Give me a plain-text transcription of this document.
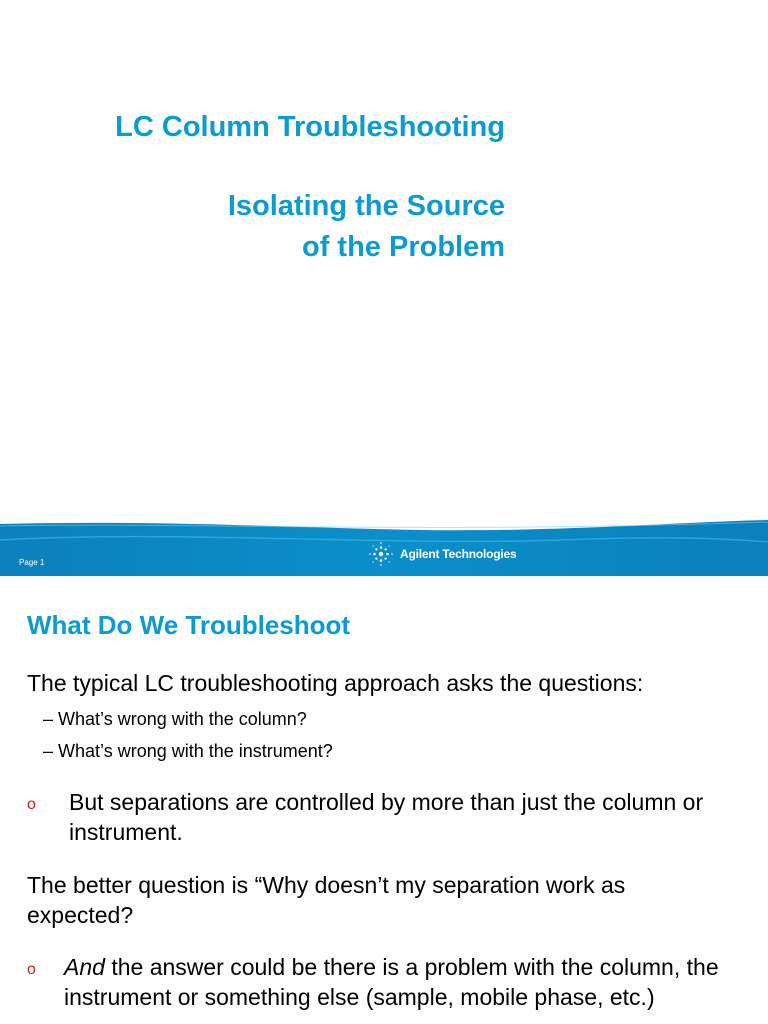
LC Column Troubleshooting
Isolating the Source
of the Problem
Page 1
Agilent Technologies
What Do We Troubleshoot
The typical LC troubleshooting approach asks the questions:
– What’s wrong with the column?
– What’s wrong with the instrument?
o But separations are controlled by more than just the column or instrument.
The better question is “Why doesn’t my separation work as expected?
o And the answer could be there is a problem with the column, the instrument or something else (sample, mobile phase, etc.)
